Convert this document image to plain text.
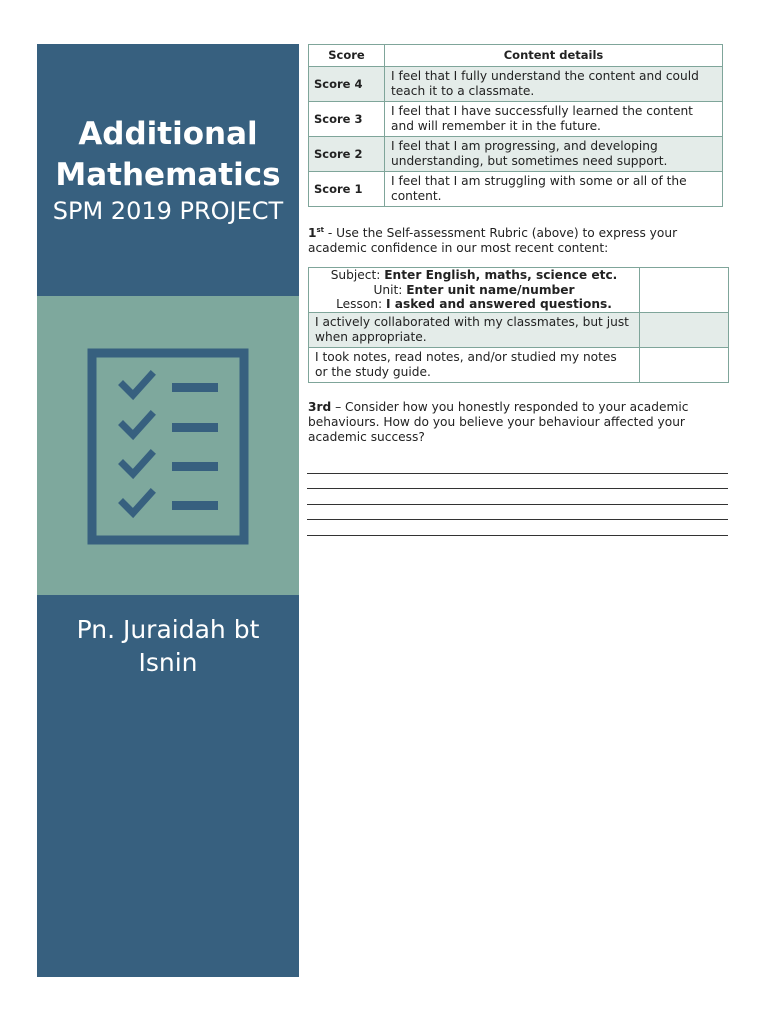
Additional
Mathematics
SPM 2019 PROJECT
Pn. Juraidah bt
Isnin
Score	Content details
Score 4	I feel that I fully understand the content and could teach it to a classmate.
Score 3	I feel that I have successfully learned the content and will remember it in the future.
Score 2	I feel that I am progressing, and developing understanding, but sometimes need support.
Score 1	I feel that I am struggling with some or all of the content.
1st - Use the Self-assessment Rubric (above) to express your academic confidence in our most recent content:
Subject: Enter English, maths, science etc.
Unit: Enter unit name/number
Lesson: I asked and answered questions.	

I actively collaborated with my classmates, but just when appropriate.	
I took notes, read notes, and/or studied my notes or the study guide.	
3rd – Consider how you honestly responded to your academic behaviours. How do you believe your behaviour affected your academic success?
